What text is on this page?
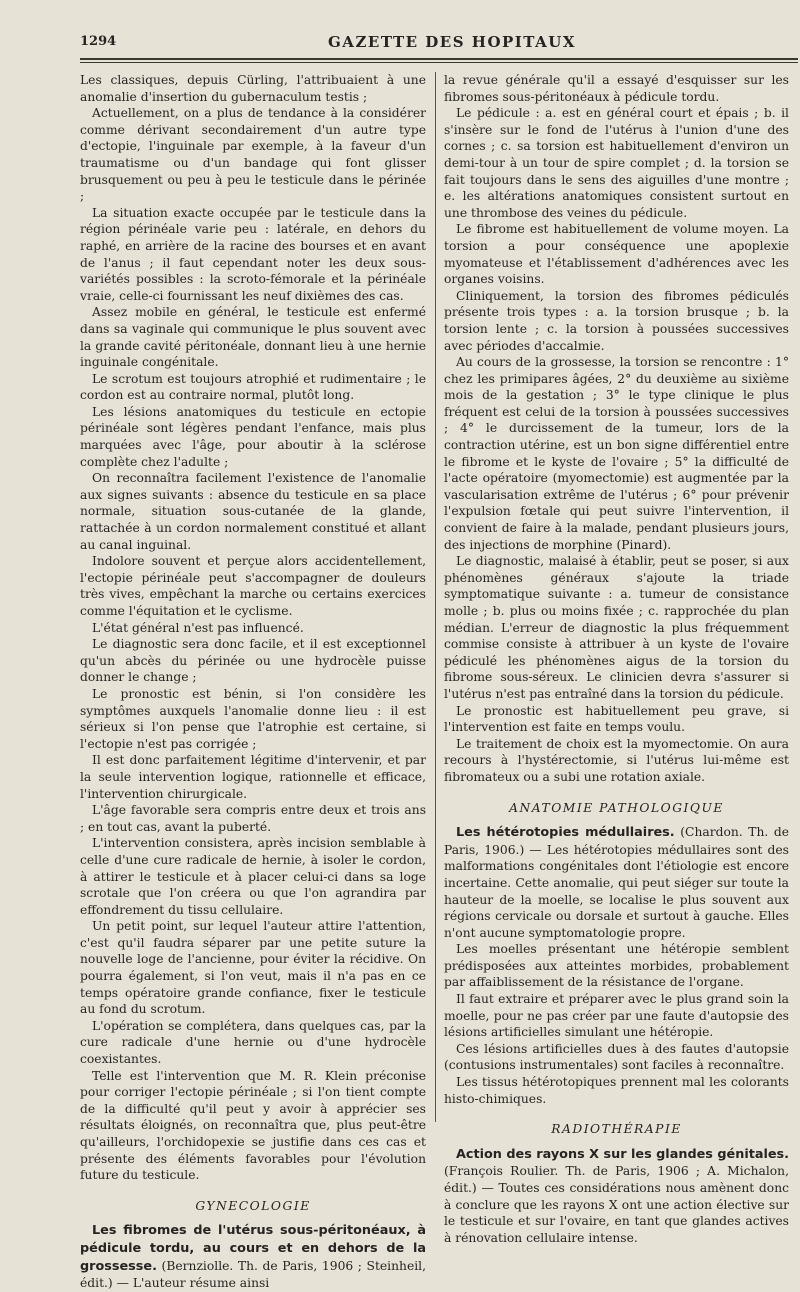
1294	GAZETTE DES HOPITAUX

Les classiques, depuis Cürling, l'attribuaient à une anomalie d'insertion du gubernaculum testis ;

Actuellement, on a plus de tendance à la considérer comme dérivant secondairement d'un autre type d'ectopie, l'inguinale par exemple, à la faveur d'un traumatisme ou d'un bandage qui font glisser brusquement ou peu à peu le testicule dans le périnée ;

La situation exacte occupée par le testicule dans la région périnéale varie peu : latérale, en dehors du raphé, en arrière de la racine des bourses et en avant de l'anus ; il faut cependant noter les deux sous-variétés possibles : la scroto-fémorale et la périnéale vraie, celle-ci fournissant les neuf dixièmes des cas.

Assez mobile en général, le testicule est enfermé dans sa vaginale qui communique le plus souvent avec la grande cavité péritonéale, donnant lieu à une hernie inguinale congénitale.

Le scrotum est toujours atrophié et rudimentaire ; le cordon est au contraire normal, plutôt long.

Les lésions anatomiques du testicule en ectopie périnéale sont légères pendant l'enfance, mais plus marquées avec l'âge, pour aboutir à la sclérose complète chez l'adulte ;

On reconnaîtra facilement l'existence de l'anomalie aux signes suivants : absence du testicule en sa place normale, situation sous-cutanée de la glande, rattachée à un cordon normalement constitué et allant au canal inguinal.

Indolore souvent et perçue alors accidentellement, l'ectopie périnéale peut s'accompagner de douleurs très vives, empêchant la marche ou certains exercices comme l'équitation et le cyclisme.

L'état général n'est pas influencé.

Le diagnostic sera donc facile, et il est exceptionnel qu'un abcès du périnée ou une hydrocèle puisse donner le change ;

Le pronostic est bénin, si l'on considère les symptômes auxquels l'anomalie donne lieu : il est sérieux si l'on pense que l'atrophie est certaine, si l'ectopie n'est pas corrigée ;

Il est donc parfaitement légitime d'intervenir, et par la seule intervention logique, rationnelle et efficace, l'intervention chirurgicale.

L'âge favorable sera compris entre deux et trois ans ; en tout cas, avant la puberté.

L'intervention consistera, après incision semblable à celle d'une cure radicale de hernie, à isoler le cordon, à attirer le testicule et à placer celui-ci dans sa loge scrotale que l'on créera ou que l'on agrandira par effondrement du tissu cellulaire.

Un petit point, sur lequel l'auteur attire l'attention, c'est qu'il faudra séparer par une petite suture la nouvelle loge de l'ancienne, pour éviter la récidive. On pourra également, si l'on veut, mais il n'a pas en ce temps opératoire grande confiance, fixer le testicule au fond du scrotum.

L'opération se complétera, dans quelques cas, par la cure radicale d'une hernie ou d'une hydrocèle coexistantes.

Telle est l'intervention que M. R. Klein préconise pour corriger l'ectopie périnéale ; si l'on tient compte de la difficulté qu'il peut y avoir à apprécier ses résultats éloignés, on reconnaîtra que, plus peut-être qu'ailleurs, l'orchidopexie se justifie dans ces cas et présente des éléments favorables pour l'évolution future du testicule.

GYNECOLOGIE

Les fibromes de l'utérus sous-péritonéaux, à pédicule tordu, au cours et en dehors de la grossesse. (Bernziolle. Th. de Paris, 1906 ; Steinheil, édit.) — L'auteur résume ainsi

la revue générale qu'il a essayé d'esquisser sur les fibromes sous-péritonéaux à pédicule tordu.

Le pédicule : a. est en général court et épais ; b. il s'insère sur le fond de l'utérus à l'union d'une des cornes ; c. sa torsion est habituellement d'environ un demi-tour à un tour de spire complet ; d. la torsion se fait toujours dans le sens des aiguilles d'une montre ; e. les altérations anatomiques consistent surtout en une thrombose des veines du pédicule.

Le fibrome est habituellement de volume moyen. La torsion a pour conséquence une apoplexie myomateuse et l'établissement d'adhérences avec les organes voisins.

Cliniquement, la torsion des fibromes pédiculés présente trois types : a. la torsion brusque ; b. la torsion lente ; c. la torsion à poussées successives avec périodes d'accalmie.

Au cours de la grossesse, la torsion se rencontre : 1° chez les primipares âgées, 2° du deuxième au sixième mois de la gestation ; 3° le type clinique le plus fréquent est celui de la torsion à poussées successives ; 4° le durcissement de la tumeur, lors de la contraction utérine, est un bon signe différentiel entre le fibrome et le kyste de l'ovaire ; 5° la difficulté de l'acte opératoire (myomectomie) est augmentée par la vascularisation extrême de l'utérus ; 6° pour prévenir l'expulsion fœtale qui peut suivre l'intervention, il convient de faire à la malade, pendant plusieurs jours, des injections de morphine (Pinard).

Le diagnostic, malaisé à établir, peut se poser, si aux phénomènes généraux s'ajoute la triade symptomatique suivante : a. tumeur de consistance molle ; b. plus ou moins fixée ; c. rapprochée du plan médian. L'erreur de diagnostic la plus fréquemment commise consiste à attribuer à un kyste de l'ovaire pédiculé les phénomènes aigus de la torsion du fibrome sous-séreux. Le clinicien devra s'assurer si l'utérus n'est pas entraîné dans la torsion du pédicule.

Le pronostic est habituellement peu grave, si l'intervention est faite en temps voulu.

Le traitement de choix est la myomectomie. On aura recours à l'hystérectomie, si l'utérus lui-même est fibromateux ou a subi une rotation axiale.

ANATOMIE PATHOLOGIQUE

Les hétérotopies médullaires. (Chardon. Th. de Paris, 1906.) — Les hétérotopies médullaires sont des malformations congénitales dont l'étiologie est encore incertaine. Cette anomalie, qui peut siéger sur toute la hauteur de la moelle, se localise le plus souvent aux régions cervicale ou dorsale et surtout à gauche. Elles n'ont aucune symptomatologie propre.

Les moelles présentant une hétéropie semblent prédisposées aux atteintes morbides, probablement par affaiblissement de la résistance de l'organe.

Il faut extraire et préparer avec le plus grand soin la moelle, pour ne pas créer par une faute d'autopsie des lésions artificielles simulant une hétéropie.

Ces lésions artificielles dues à des fautes d'autopsie (contusions instrumentales) sont faciles à reconnaître.

Les tissus hétérotopiques prennent mal les colorants histo-chimiques.

RADIOTHÉRAPIE

Action des rayons X sur les glandes génitales. (François Roulier. Th. de Paris, 1906 ; A. Michalon, édit.) — Toutes ces considérations nous amènent donc à conclure que les rayons X ont une action élective sur le testicule et sur l'ovaire, en tant que glandes actives à rénovation cellulaire intense.
